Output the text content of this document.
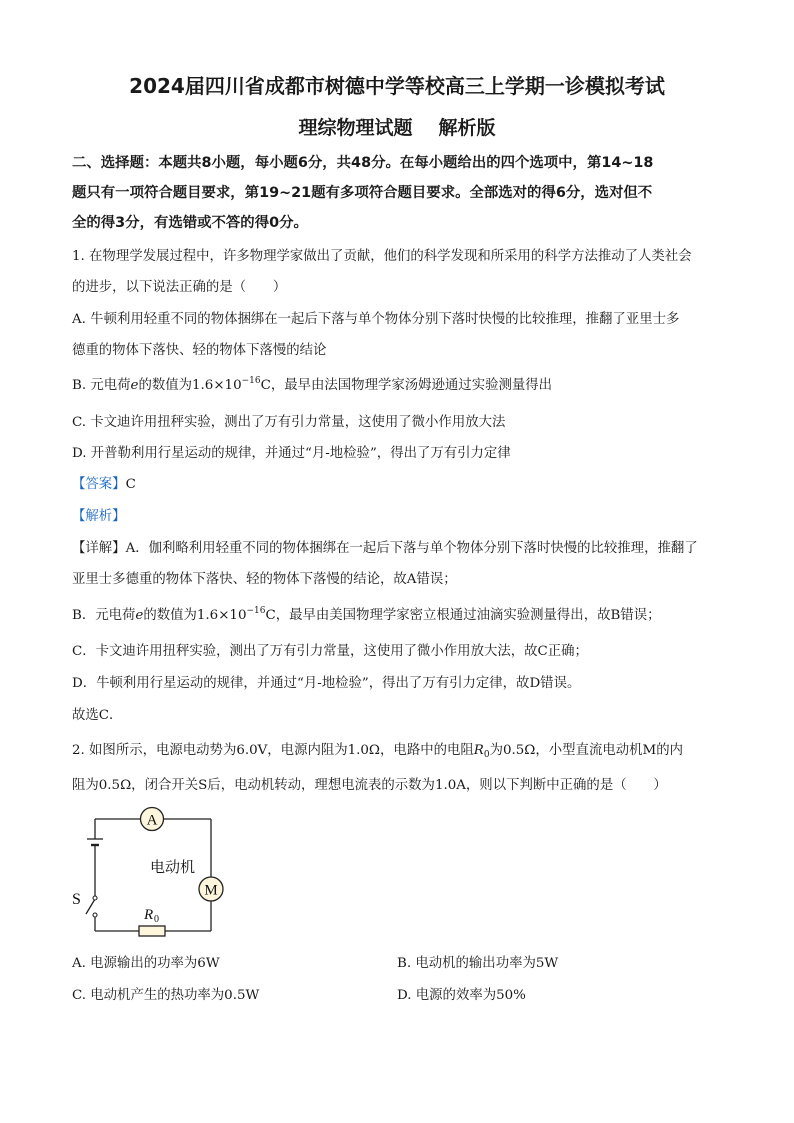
2024届四川省成都市树德中学等校高三上学期一诊模拟考试
理综物理试题 解析版
二、选择题：本题共8小题，每小题6分，共48分。在每小题给出的四个选项中，第14~18
题只有一项符合题目要求，第19~21题有多项符合题目要求。全部选对的得6分，选对但不
全的得3分，有选错或不答的得0分。
1. 在物理学发展过程中，许多物理学家做出了贡献，他们的科学发现和所采用的科学方法推动了人类社会
的进步，以下说法正确的是（　　）
A. 牛顿利用轻重不同的物体捆绑在一起后下落与单个物体分别下落时快慢的比较推理，推翻了亚里士多
德重的物体下落快、轻的物体下落慢的结论
B. 元电荷e的数值为$1.6\times 10^{-16}C$，最早由法国物理学家汤姆逊通过实验测量得出
C. 卡文迪许用扭秤实验，测出了万有引力常量，这使用了微小作用放大法
D. 开普勒利用行星运动的规律，并通过“月-地检验”，得出了万有引力定律
【答案】C
【解析】
【详解】A．伽利略利用轻重不同的物体捆绑在一起后下落与单个物体分别下落时快慢的比较推理，推翻了
亚里士多德重的物体下落快、轻的物体下落慢的结论，故A错误；
B．元电荷e的数值为$1.6\times 10^{-16}C$，最早由美国物理学家密立根通过油滴实验测量得出，故B错误；
C．卡文迪许用扭秤实验，测出了万有引力常量，这使用了微小作用放大法，故C正确；
D．牛顿利用行星运动的规律，并通过“月-地检验”，得出了万有引力定律，故D错误。
故选C．
2. 如图所示，电源电动势为6.0V，电源内阻为1.0Ω，电路中的电阻$R_0$为0.5Ω，小型直流电动机M的内
阻为0.5Ω，闭合开关S后，电动机转动，理想电流表的示数为1.0A，则以下判断中正确的是（　　）
A
M
电动机
S
R 0
A. 电源输出的功率为6W	B. 电动机的输出功率为5W
C. 电动机产生的热功率为0.5W	D. 电源的效率为50%
